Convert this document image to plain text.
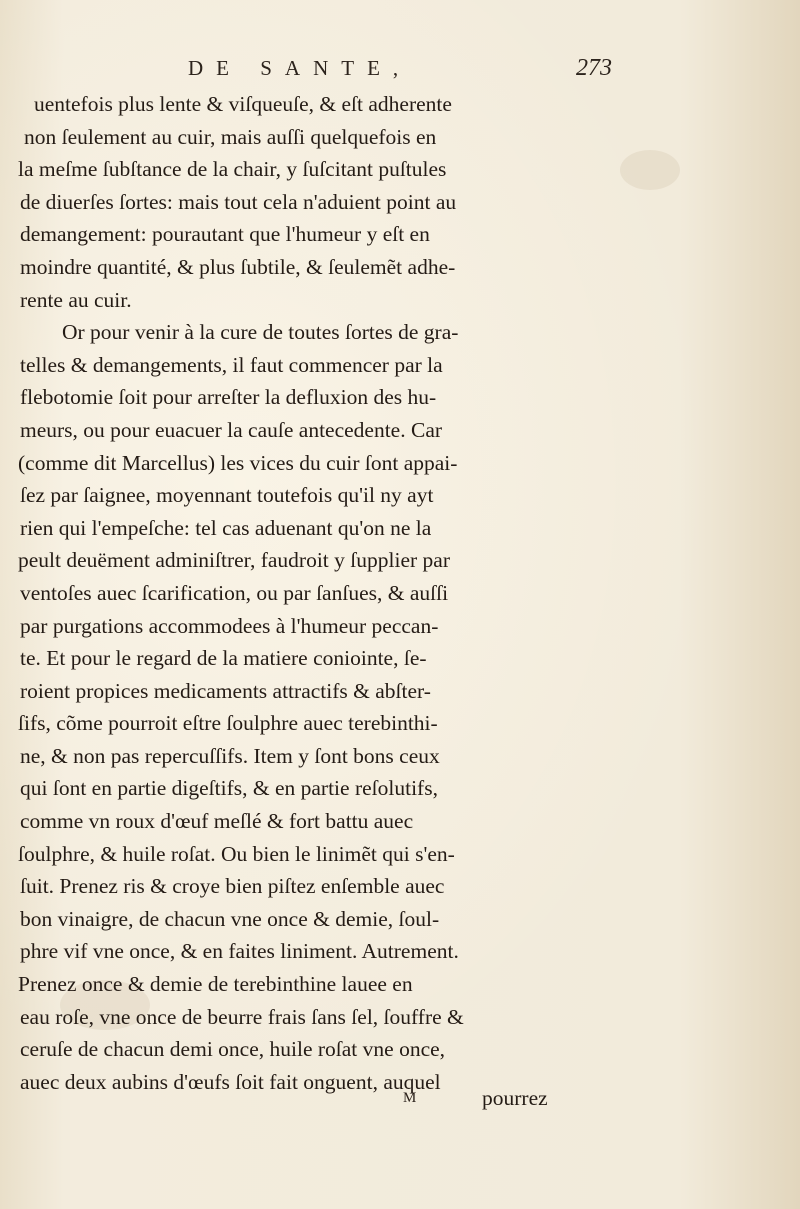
DE SANTE,	273
uentefois plus lente & viſqueuſe, & eſt adherente
non ſeulement au cuir, mais auſſi quelquefois en
la meſme ſubſtance de la chair, y ſuſcitant puſtules
de diuerſes ſortes: mais tout cela n'aduient point au
demangement: pourautant que l'humeur y eſt en
moindre quantité, & plus ſubtile, & ſeulemẽt adhe-
rente au cuir.
Or pour venir à la cure de toutes ſortes de gra-
telles & demangements, il faut commencer par la
flebotomie ſoit pour arreſter la defluxion des hu-
meurs, ou pour euacuer la cauſe antecedente. Car
(comme dit Marcellus) les vices du cuir ſont appai-
ſez par ſaignee, moyennant toutefois qu'il ny ayt
rien qui l'empeſche: tel cas aduenant qu'on ne la
peult deuëment adminiſtrer, faudroit y ſupplier par
ventoſes auec ſcarification, ou par ſanſues, & auſſi
par purgations accommodees à l'humeur peccan-
te. Et pour le regard de la matiere coniointe, ſe-
roient propices medicaments attractifs & abſter-
ſifs, cõme pourroit eſtre ſoulphre auec terebinthi-
ne, & non pas repercuſſifs. Item y ſont bons ceux
qui ſont en partie digeſtifs, & en partie reſolutifs,
comme vn roux d'œuf meſlé & fort battu auec
ſoulphre, & huile roſat. Ou bien le linimẽt qui s'en-
ſuit. Prenez ris & croye bien piſtez enſemble auec
bon vinaigre, de chacun vne once & demie, ſoul-
phre vif vne once, & en faites liniment. Autrement.
Prenez once & demie de terebinthine lauee en
eau roſe, vne once de beurre frais ſans ſel, ſouffre &
ceruſe de chacun demi once, huile roſat vne once,
auec deux aubins d'œufs ſoit fait onguent, auquel
M	pourrez
